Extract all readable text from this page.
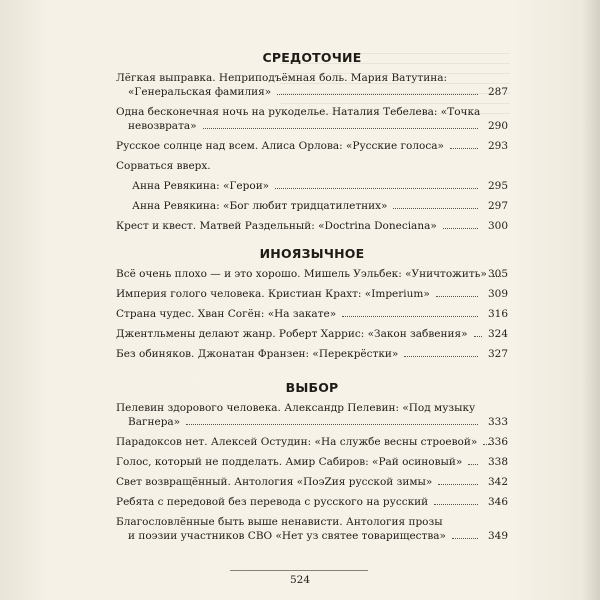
СРЕДОТОЧИЕ
Лёгкая выправка. Неприподъёмная боль. Мария Ватутина:
«Генеральская фамилия»	287
Одна бесконечная ночь на рукоделье. Наталия Тебелева: «Точка
невозврата»	290
Русское солнце над всем. Алиса Орлова: «Русские голоса»	293
Сорваться вверх.
Анна Ревякина: «Герои»	295
Анна Ревякина: «Бог любит тридцатилетних»	297
Крест и квест. Матвей Раздельный: «Doctrina Doneciana»	300
ИНОЯЗЫЧНОЕ
Всё очень плохо — и это хорошо. Мишель Уэльбек: «Уничтожить» 305
Империя голого человека. Кристиан Крахт: «Imperium»	309
Страна чудес. Хван Согён: «На закате»	316
Джентльмены делают жанр. Роберт Харрис: «Закон забвения» 324
Без обиняков. Джонатан Франзен: «Перекрёстки»	327
ВЫБОР
Пелевин здорового человека. Александр Пелевин: «Под музыку
Вагнера»	333
Парадоксов нет. Алексей Остудин: «На службе весны строевой» 336
Голос, который не подделать. Амир Сабиров: «Рай осиновый» 338
Свет возвращённый. Антология «ПоэZия русской зимы»	342
Ребята с передовой без перевода с русского на русский	346
Благословлённые быть выше ненависти. Антология прозы
и поэзии участников СВО «Нет уз святее товарищества»	349
524
